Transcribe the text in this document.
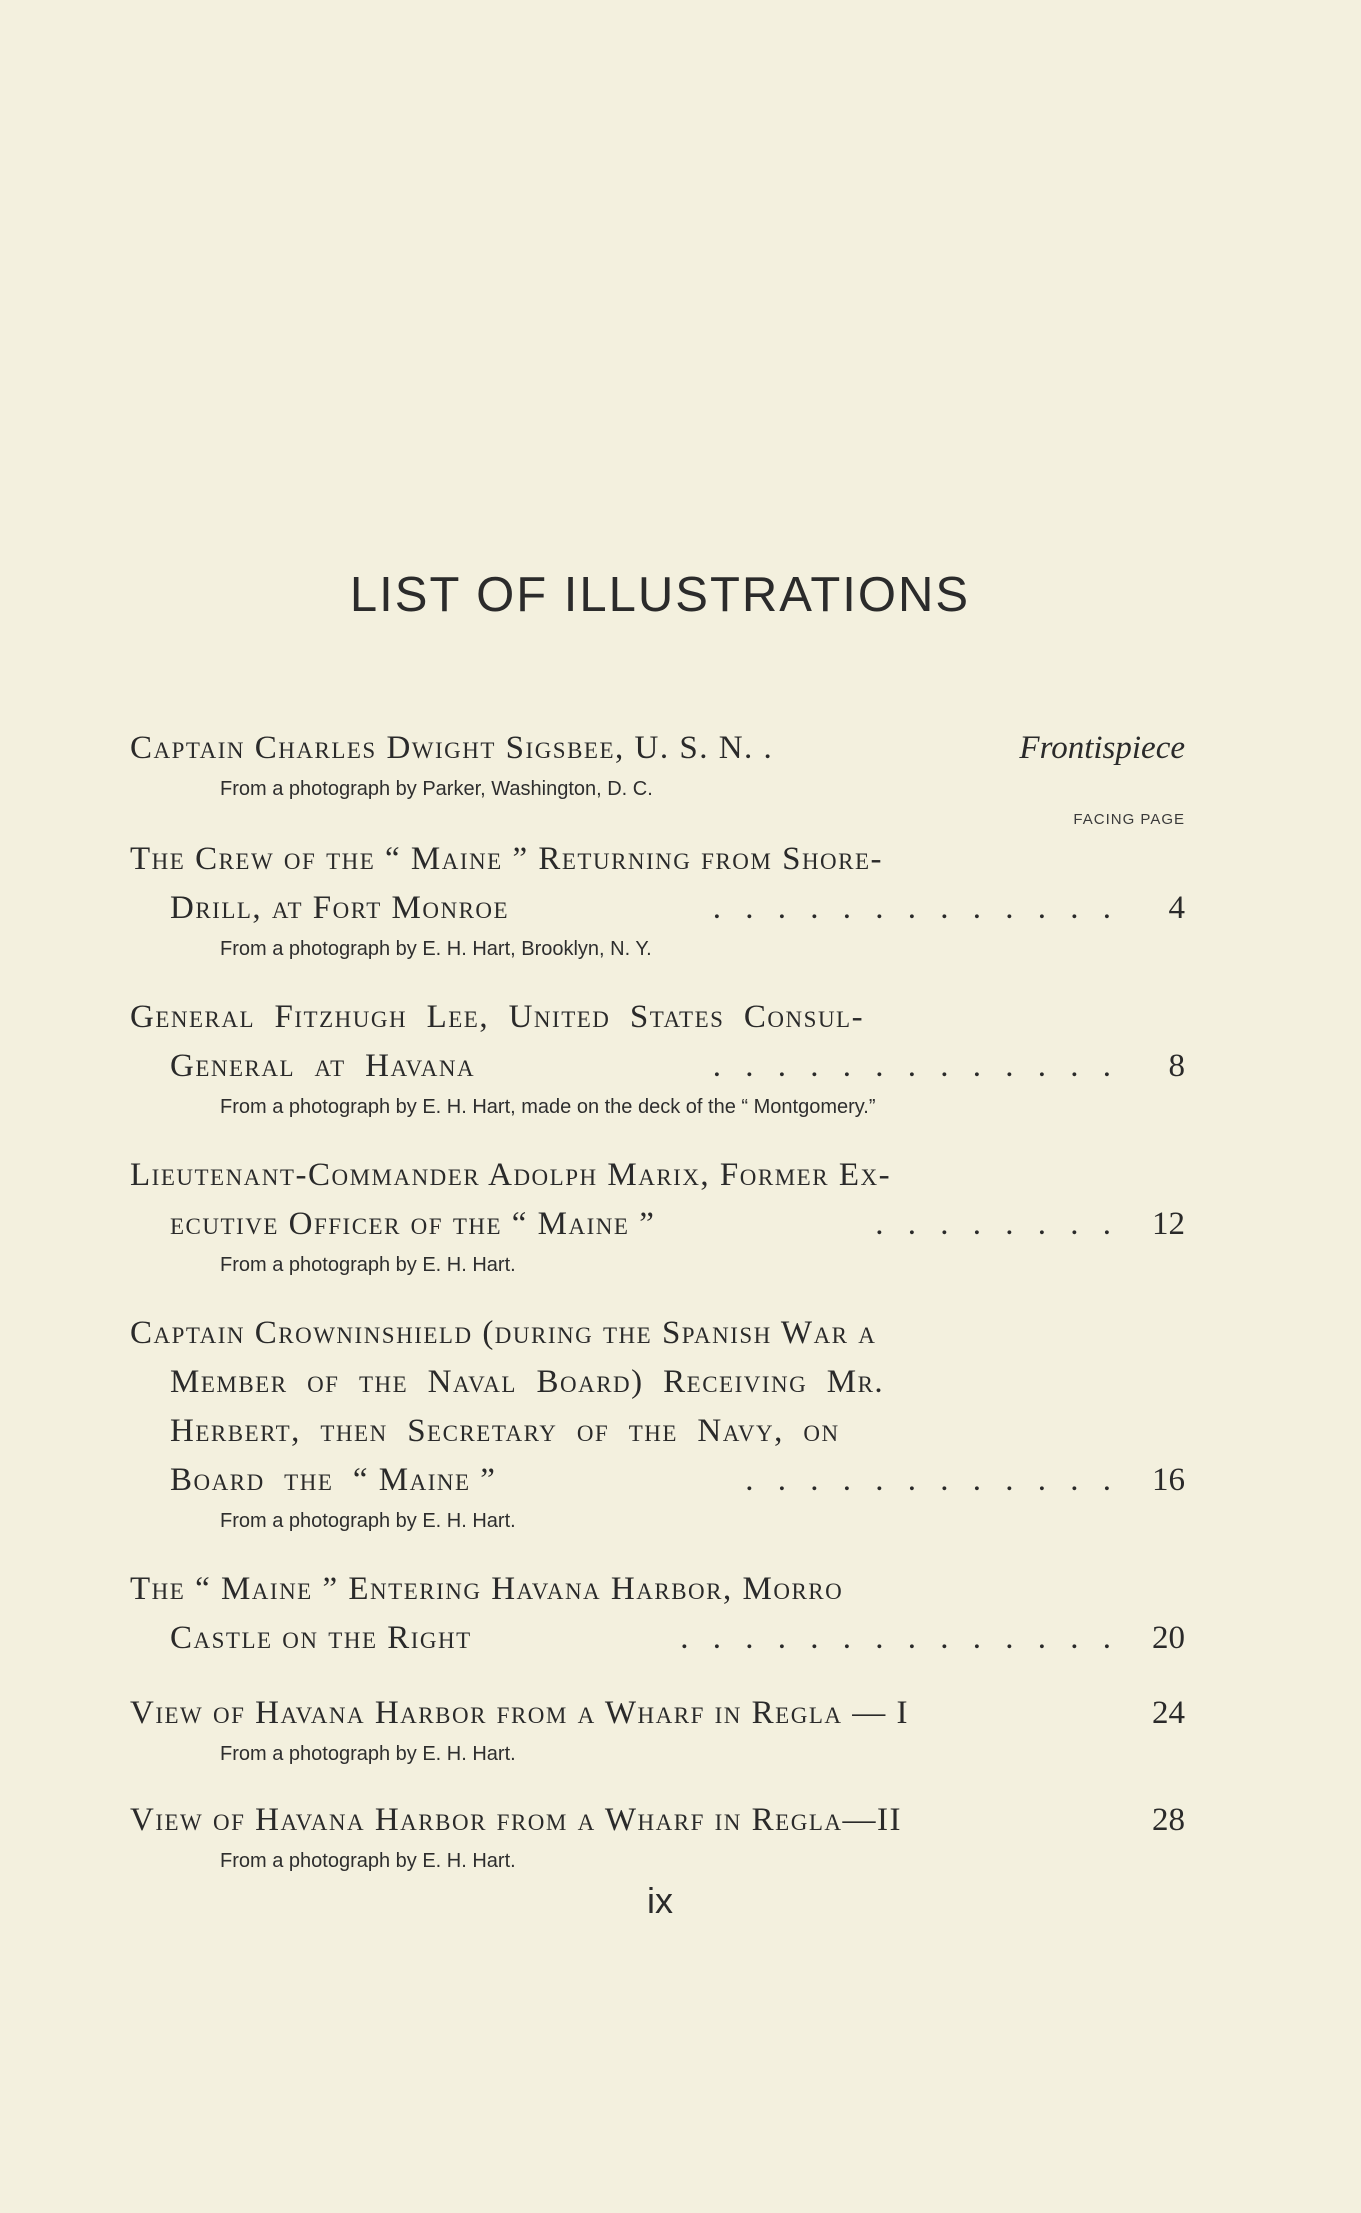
LIST OF ILLUSTRATIONS
Captain Charles Dwight Sigsbee, U. S. N. .	Frontispiece
From a photograph by Parker, Washington, D. C.
FACING PAGE
The Crew of the “ Maine ” Returning from Shore-
Drill, at Fort Monroe	. . . . . . . . . . . . . 4
From a photograph by E. H. Hart, Brooklyn, N. Y.
General  Fitzhugh  Lee,  United  States  Consul-
General  at  Havana	. . . . . . . . . . . . . 8
From a photograph by E. H. Hart, made on the deck of the “ Montgomery.”
Lieutenant-Commander Adolph Marix, Former Ex-
ecutive Officer of the “ Maine ”	. . . . . . . . 12
From a photograph by E. H. Hart.
Captain Crowninshield (during the Spanish War a
Member  of  the  Naval  Board)  Receiving  Mr.
Herbert,  then  Secretary  of  the  Navy,  on
Board  the  “ Maine ”	. . . . . . . . . . . . 16
From a photograph by E. H. Hart.
The “ Maine ” Entering Havana Harbor, Morro
Castle on the Right	. . . . . . . . . . . . . . 20
View of Havana Harbor from a Wharf in Regla — I	24
From a photograph by E. H. Hart.
View of Havana Harbor from a Wharf in Regla—II	28
From a photograph by E. H. Hart.
ix
